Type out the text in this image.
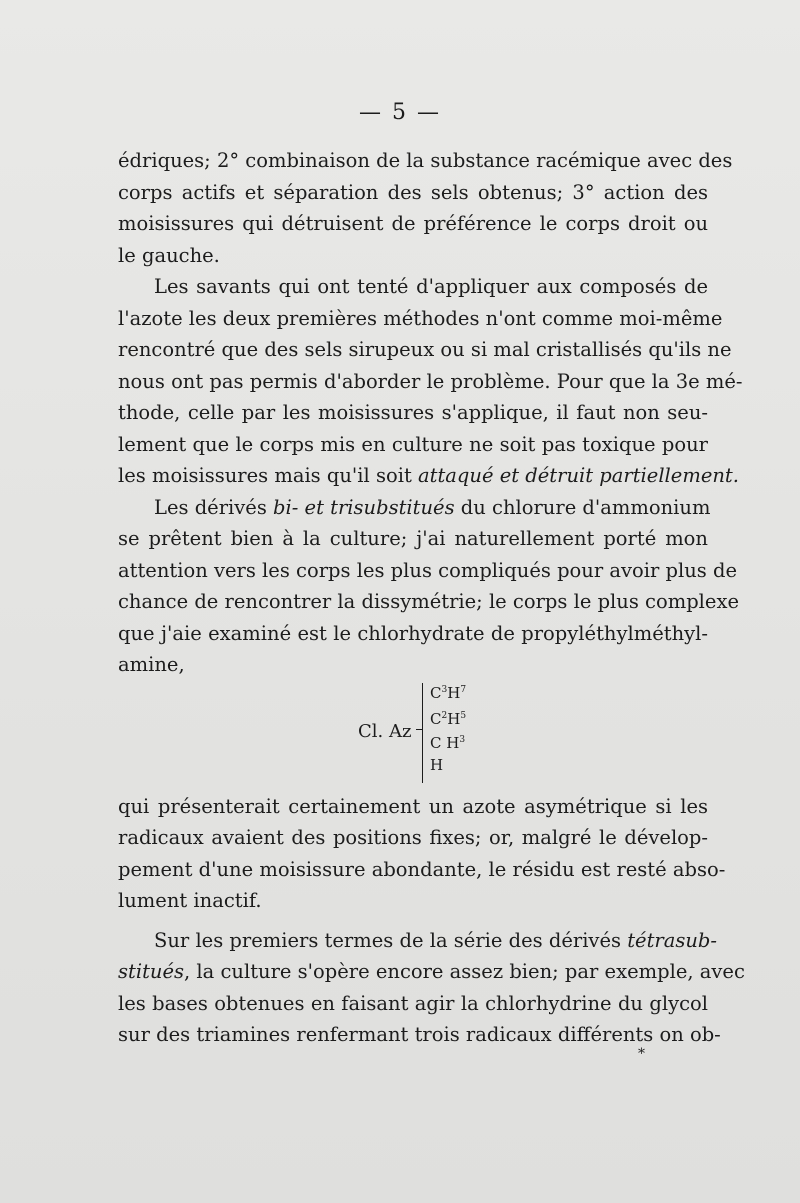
— 5 —
édriques; 2° combinaison de la substance racémique avec des
corps actifs et séparation des sels obtenus; 3° action des
moisissures qui détruisent de préférence le corps droit ou
le gauche.
Les savants qui ont tenté d'appliquer aux composés de
l'azote les deux premières méthodes n'ont comme moi-même
rencontré que des sels sirupeux ou si mal cristallisés qu'ils ne
nous ont pas permis d'aborder le problème. Pour que la 3e mé-
thode, celle par les moisissures s'applique, il faut non seu-
lement que le corps mis en culture ne soit pas toxique pour
les moisissures mais qu'il soit attaqué et détruit partiellement.
Les dérivés bi- et trisubstitués du chlorure d'ammonium
se prêtent bien à la culture; j'ai naturellement porté mon
attention vers les corps les plus compliqués pour avoir plus de
chance de rencontrer la dissymétrie; le corps le plus complexe
que j'aie examiné est le chlorhydrate de propyléthylméthyl-
amine,
Cl. Az
$C^3H^7$
$C^2H^5$
C $H^3$
H
qui présenterait certainement un azote asymétrique si les
radicaux avaient des positions fixes; or, malgré le dévelop-
pement d'une moisissure abondante, le résidu est resté abso-
lument inactif.
Sur les premiers termes de la série des dérivés tétrasub-
stitués, la culture s'opère encore assez bien; par exemple, avec
les bases obtenues en faisant agir la chlorhydrine du glycol
sur des triamines renfermant trois radicaux différents on ob-
*
